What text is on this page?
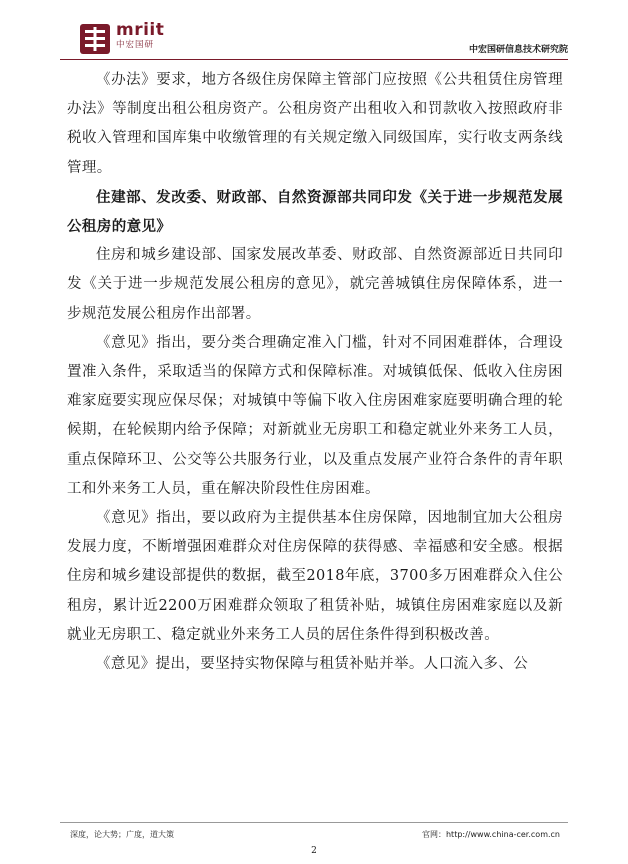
mriit
中宏国研	中宏国研信息技术研究院

《办法》要求，地方各级住房保障主管部门应按照《公共租赁住房管理办法》等制度出租公租房资产。公租房资产出租收入和罚款收入按照政府非税收入管理和国库集中收缴管理的有关规定缴入同级国库，实行收支两条线管理。

住建部、发改委、财政部、自然资源部共同印发《关于进一步规范发展公租房的意见》

住房和城乡建设部、国家发展改革委、财政部、自然资源部近日共同印发《关于进一步规范发展公租房的意见》，就完善城镇住房保障体系，进一步规范发展公租房作出部署。

《意见》指出，要分类合理确定准入门槛，针对不同困难群体，合理设置准入条件，采取适当的保障方式和保障标准。对城镇低保、低收入住房困难家庭要实现应保尽保；对城镇中等偏下收入住房困难家庭要明确合理的轮候期，在轮候期内给予保障；对新就业无房职工和稳定就业外来务工人员，重点保障环卫、公交等公共服务行业，以及重点发展产业符合条件的青年职工和外来务工人员，重在解决阶段性住房困难。

《意见》指出，要以政府为主提供基本住房保障，因地制宜加大公租房发展力度，不断增强困难群众对住房保障的获得感、幸福感和安全感。根据住房和城乡建设部提供的数据，截至2018年底，3700多万困难群众入住公租房，累计近2200万困难群众领取了租赁补贴，城镇住房困难家庭以及新就业无房职工、稳定就业外来务工人员的居住条件得到积极改善。

《意见》提出，要坚持实物保障与租赁补贴并举。人口流入多、公

深度，论大势；广度，道大策	官网：http://www.china-cer.com.cn
2
